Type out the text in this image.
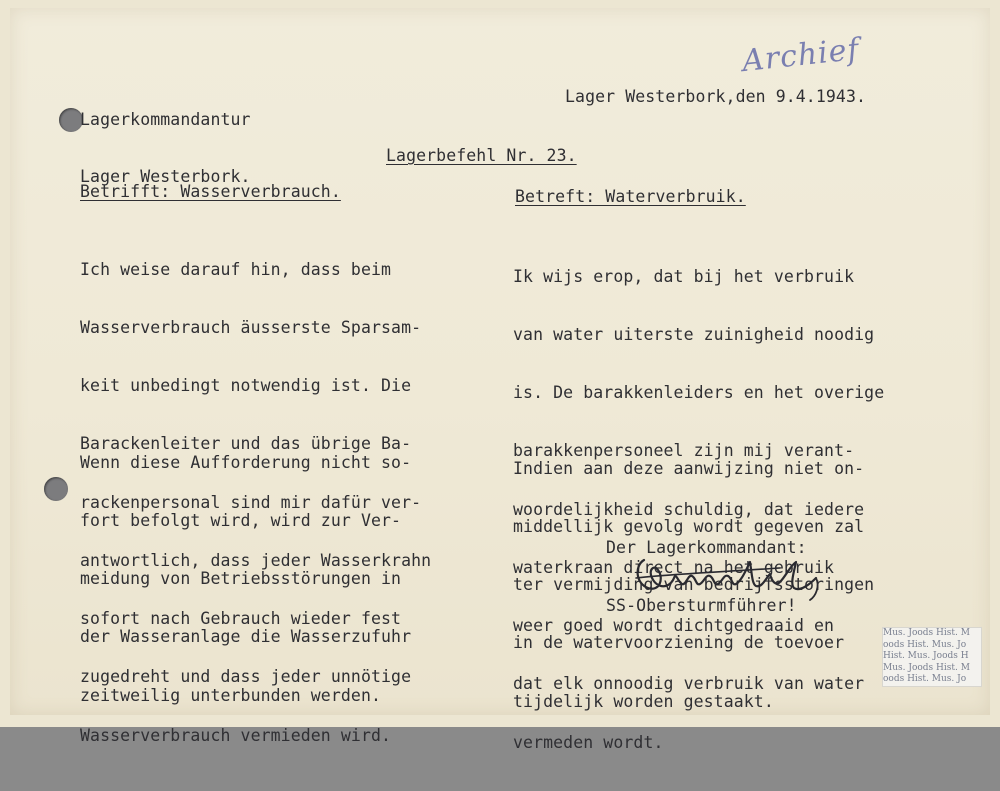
Archief

Lagerkommandantur

Lager Westerbork.

Lager Westerbork,den 9.4.1943.
Lagerbefehl Nr. 23.
Betrifft: Wasserverbrauch.

Ich weise darauf hin, dass beim

Wasserverbrauch äusserste Sparsam-

keit unbedingt notwendig ist. Die

Barackenleiter und das übrige Ba-

rackenpersonal sind mir dafür ver-

antwortlich, dass jeder Wasserkrahn

sofort nach Gebrauch wieder fest

zugedreht und dass jeder unnötige

Wasserverbrauch vermieden wird.

Wenn diese Aufforderung nicht so-

fort befolgt wird, wird zur Ver-

meidung von Betriebsstörungen in

der Wasseranlage die Wasserzufuhr

zeitweilig unterbunden werden.

Betreft: Waterverbruik.

Ik wijs erop, dat bij het verbruik

van water uiterste zuinigheid noodig

is. De barakkenleiders en het overige

barakkenpersoneel zijn mij verant-

woordelijkheid schuldig, dat iedere

waterkraan direct na het gebruik

weer goed wordt dichtgedraaid en

dat elk onnoodig verbruik van water

vermeden wordt.

Indien aan deze aanwijzing niet on-

middellijk gevolg wordt gegeven zal

ter vermijding van bedrijfsstoringen

in de watervoorziening de toevoer

tijdelijk worden gestaakt.

Der Lagerkommandant:
SS-Obersturmführer!
Mus. Joods Hist. M
oods Hist. Mus. Jo
Hist. Mus. Joods H
Mus. Joods Hist. M
oods Hist. Mus. Jo
